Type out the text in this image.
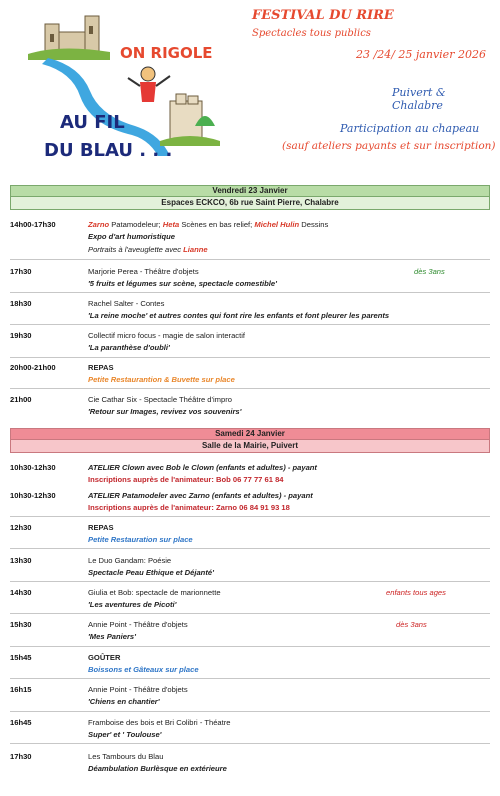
ON RIGOLE
AU FIL
DU BLAU . . .
FESTIVAL DU RIRE
Spectacles tous publics
23 /24/ 25 janvier 2026
Puivert & Chalabre
Participation au chapeau
(sauf ateliers payants et sur inscription)
Vendredi 23 Janvier
Espaces ECKCO, 6b rue Saint Pierre, Chalabre
14h00-17h30	Zarno Patamodeleur; Heta Scènes en bas relief; Michel Hulin Dessins
Expo d'art humoristique
Portraits à l'aveuglette avec Lianne
17h30	Marjorie Perea - Théâtre d'objets
'5 fruits et légumes sur scène, spectacle comestible'
dès 3ans
18h30	Rachel Salter - Contes
'La reine moche' et autres contes qui font rire les enfants et font pleurer les parents
19h30	Collectif micro focus - magie de salon interactif
'La paranthèse d'oubli'
20h00-21h00	REPAS
Petite Restaurantion & Buvette sur place
21h00	Cie Cathar Six - Spectacle Théâtre d'impro
'Retour sur Images, revivez vos souvenirs'
Samedi 24 Janvier
Salle de la Mairie, Puivert
10h30-12h30	ATELIER Clown avec Bob le Clown (enfants et adultes) - payant
Inscriptions auprès de l'animateur: Bob 06 77 77 61 84
10h30-12h30	ATELIER Patamodeler avec Zarno (enfants et adultes) - payant
Inscriptions auprès de l'animateur: Zarno 06 84 91 93 18
12h30	REPAS
Petite Restauration sur place
13h30	Le Duo Gandam: Poésie
Spectacle Peau Ethique et Déjanté'
14h30	Giulia et Bob: spectacle de marionnette
'Les aventures de Picoti'
enfants tous ages
15h30	Annie Point - Théâtre d'objets
'Mes Paniers'
dès 3ans
15h45	GOÛTER
Boissons et Gâteaux sur place
16h15	Annie Point - Théâtre d'objets
'Chiens en chantier'
16h45	Framboise des bois et Bri Colibri - Théatre
Super' et ' Toulouse'
17h30	Les Tambours du Blau
Déambulation Burlèsque en extérieure
